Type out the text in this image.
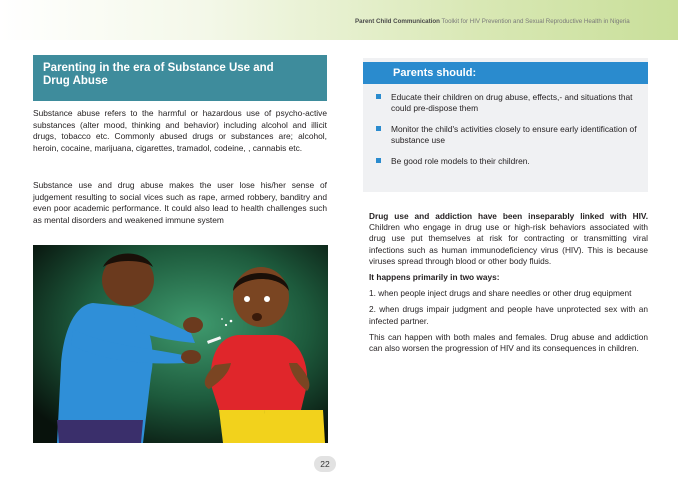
Parent Child Communication Toolkit for HIV Prevention and Sexual Reproductive Health in Nigeria
Parenting in the era of Substance Use and Drug Abuse

Substance abuse refers to the harmful or hazardous use of psycho-active substances (alter mood, thinking and behavior) including alcohol and illicit drugs, tobacco etc. Commonly abused drugs or substances are; alcohol, heroin, cocaine, marijuana, cigarettes, tramadol, codeine, , cannabis etc.

Substance use and drug abuse makes the user lose his/her sense of judgement resulting to social vices such as rape, armed robbery, banditry and even poor academic performance. It could also lead to health challenges such as mental disorders and weakened immune system

Parents should:
Educate their children on drug abuse, effects,- and situations that could pre-dispose them
Monitor the child's activities closely to ensure early identification of substance use
Be good role models to their children.

Drug use and addiction have been inseparably linked with HIV. Children who engage in drug use or high-risk behaviors associated with drug use put themselves at risk for contracting or transmitting viral infections such as human immunodeficiency virus (HIV). This is because viruses spread through blood or other body fluids.

It happens primarily in two ways:

1. when people inject drugs and share needles or other drug equipment

2. when drugs impair judgment and people have unprotected sex with an infected partner.

This can happen with both males and females. Drug abuse and addiction can also worsen the progression of HIV and its consequences in children.

22
